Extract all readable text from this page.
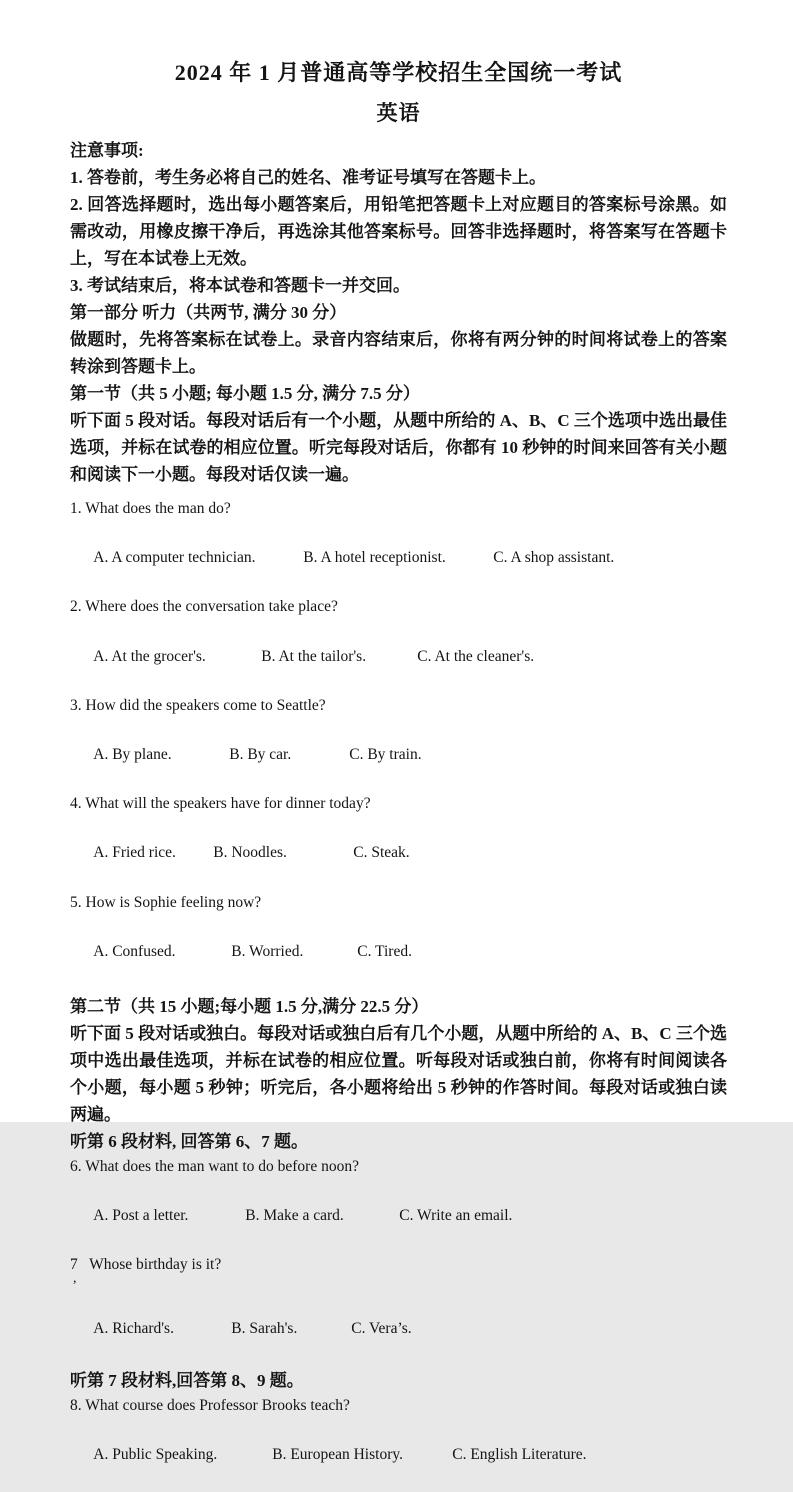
2024 年 1 月普通高等学校招生全国统一考试
英语

注意事项:

1. 答卷前，考生务必将自己的姓名、准考证号填写在答题卡上。

2. 回答选择题时，选出每小题答案后，用铅笔把答题卡上对应题目的答案标号涂黑。如需改动，用橡皮擦干净后，再选涂其他答案标号。回答非选择题时，将答案写在答题卡上，写在本试卷上无效。

3. 考试结束后，将本试卷和答题卡一并交回。

第一部分 听力（共两节, 满分 30 分）

做题时，先将答案标在试卷上。录音内容结束后，你将有两分钟的时间将试卷上的答案转涂到答题卡上。

第一节（共 5 小题; 每小题 1.5 分, 满分 7.5 分）

听下面 5 段对话。每段对话后有一个小题，从题中所给的 A、B、C 三个选项中选出最佳选项，并标在试卷的相应位置。听完每段对话后，你都有 10 秒钟的时间来回答有关小题和阅读下一小题。每段对话仅读一遍。

1. What does the man do?

A. A computer technician.	B. A hotel receptionist.	C. A shop assistant.

2. Where does the conversation take place?

A. At the grocer's.	B. At the tailor's.	C. At the cleaner's.

3. How did the speakers come to Seattle?

A. By plane.	B. By car.	C. By train.

4. What will the speakers have for dinner today?

A. Fried rice. B. Noodles.	C. Steak.

5. How is Sophie feeling now?

A. Confused.	B. Worried.	C. Tired.

第二节（共 15 小题;每小题 1.5 分,满分 22.5 分）

听下面 5 段对话或独白。每段对话或独白后有几个小题，从题中所给的 A、B、C 三个选项中选出最佳选项，并标在试卷的相应位置。听每段对话或独白前，你将有时间阅读各个小题，每小题 5 秒钟；听完后，各小题将给出 5 秒钟的作答时间。每段对话或独白读两遍。

听第 6 段材料, 回答第 6、7 题。

6. What does the man want to do before noon?

A. Post a letter.	B. Make a card.	C. Write an email.

7   Whose birthday is it?
,

A. Richard's.	B. Sarah's.	C. Vera’s.

听第 7 段材料,回答第 8、9 题。

8. What course does Professor Brooks teach?

A. Public Speaking.	B. European History.	C. English Literature.
